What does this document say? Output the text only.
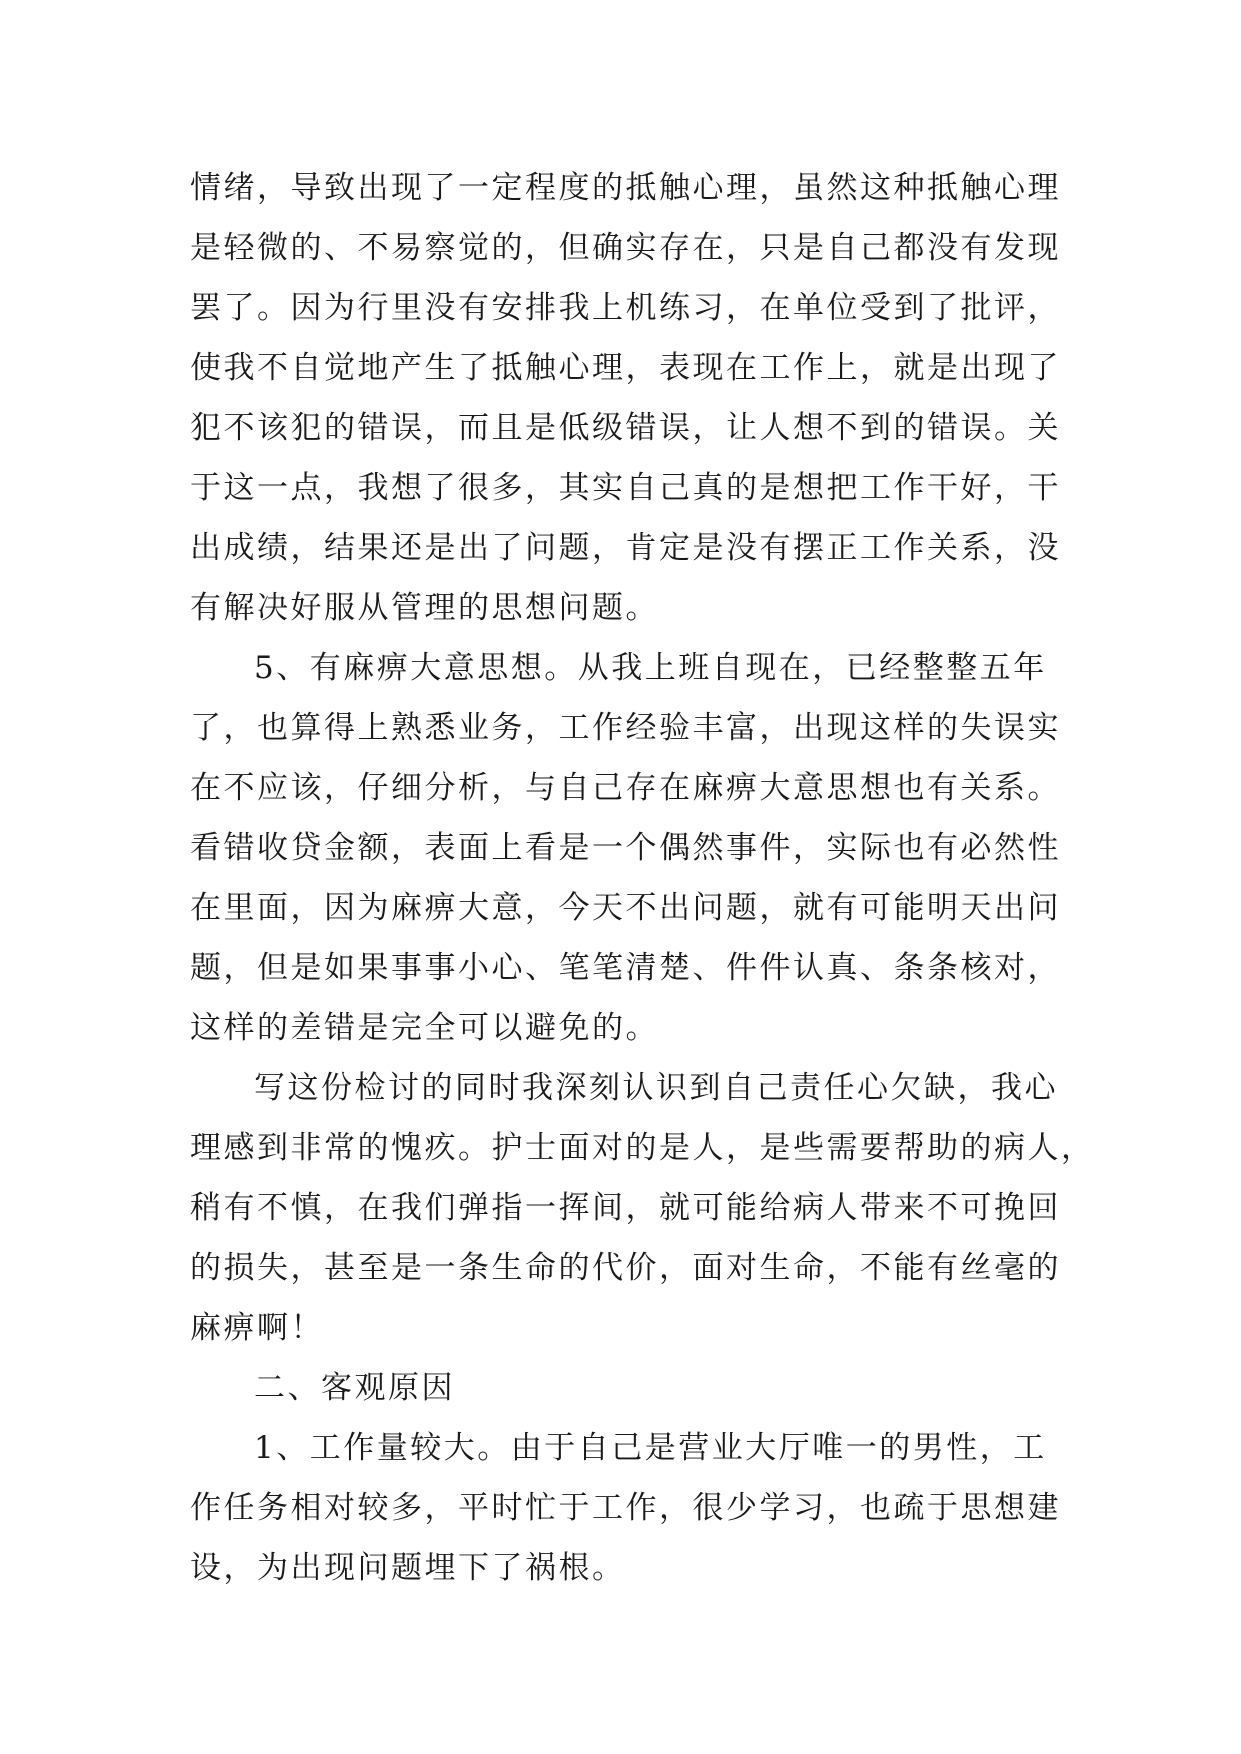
情绪，导致出现了一定程度的抵触心理，虽然这种抵触心理
是轻微的、不易察觉的，但确实存在，只是自己都没有发现
罢了。因为行里没有安排我上机练习，在单位受到了批评，
使我不自觉地产生了抵触心理，表现在工作上，就是出现了
犯不该犯的错误，而且是低级错误，让人想不到的错误。关
于这一点，我想了很多，其实自己真的是想把工作干好，干
出成绩，结果还是出了问题，肯定是没有摆正工作关系，没
有解决好服从管理的思想问题。
5、有麻痹大意思想。从我上班自现在，已经整整五年
了，也算得上熟悉业务，工作经验丰富，出现这样的失误实
在不应该，仔细分析，与自己存在麻痹大意思想也有关系。
看错收贷金额，表面上看是一个偶然事件，实际也有必然性
在里面，因为麻痹大意，今天不出问题，就有可能明天出问
题，但是如果事事小心、笔笔清楚、件件认真、条条核对，
这样的差错是完全可以避免的。
写这份检讨的同时我深刻认识到自己责任心欠缺，我心
理感到非常的愧疚。护士面对的是人，是些需要帮助的病人，
稍有不慎，在我们弹指一挥间，就可能给病人带来不可挽回
的损失，甚至是一条生命的代价，面对生命，不能有丝毫的
麻痹啊！
二、客观原因
1、工作量较大。由于自己是营业大厅唯一的男性，工
作任务相对较多，平时忙于工作，很少学习，也疏于思想建
设，为出现问题埋下了祸根。
